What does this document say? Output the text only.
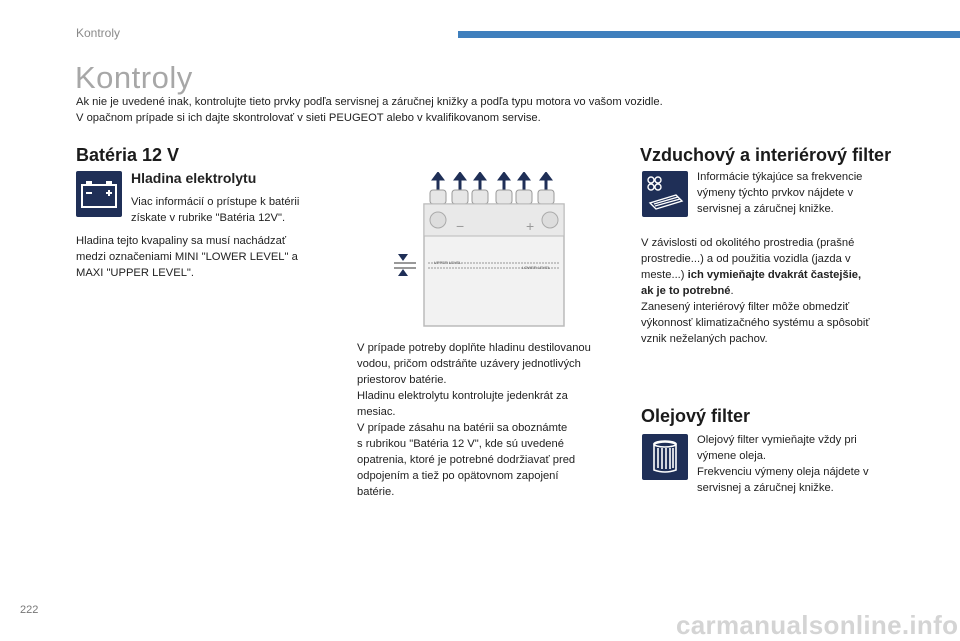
Kontroly
Kontroly
Ak nie je uvedené inak, kontrolujte tieto prvky podľa servisnej a záručnej knižky a podľa typu motora vo vašom vozidle.
V opačnom prípade si ich dajte skontrolovať v sieti PEUGEOT alebo v kvalifikovanom servise.
Batéria 12 V
Hladina elektrolytu
Viac informácií o prístupe k batérii
získate v rubrike "Batéria 12V".
Hladina tejto kvapaliny sa musí nachádzať
medzi označeniami MINI "LOWER LEVEL" a
MAXI "UPPER LEVEL".
−	+
UPPER LEVEL
LOWER LEVEL
V prípade potreby doplňte hladinu destilovanou
vodou, pričom odstráňte uzávery jednotlivých
priestorov batérie.
Hladinu elektrolytu kontrolujte jedenkrát za
mesiac.
V prípade zásahu na batérii sa oboznámte
s rubrikou "Batéria 12 V", kde sú uvedené
opatrenia, ktoré je potrebné dodržiavať pred
odpojením a tiež po opätovnom zapojení
batérie.
Vzduchový a interiérový filter
Informácie týkajúce sa frekvencie
výmeny týchto prvkov nájdete v
servisnej a záručnej knižke.
V závislosti od okolitého prostredia (prašné
prostredie...) a od použitia vozidla (jazda v
meste...) ich vymieňajte dvakrát častejšie,
ak je to potrebné.
Zanesený interiérový filter môže obmedziť
výkonnosť klimatizačného systému a spôsobiť
vznik neželaných pachov.
Olejový filter
Olejový filter vymieňajte vždy pri
výmene oleja.
Frekvenciu výmeny oleja nájdete v
servisnej a záručnej knižke.
222	carmanualsonline.info
